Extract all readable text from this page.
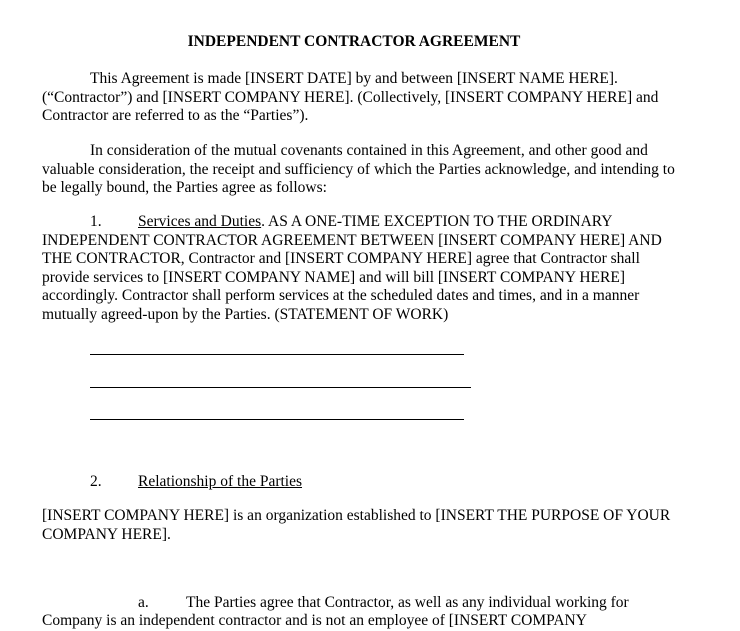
INDEPENDENT CONTRACTOR AGREEMENT

This Agreement is made [INSERT DATE] by and between [INSERT NAME HERE]. (“Contractor”) and [INSERT COMPANY HERE]. (Collectively, [INSERT COMPANY HERE] and Contractor are referred to as the “Parties”).

In consideration of the mutual covenants contained in this Agreement, and other good and valuable consideration, the receipt and sufficiency of which the Parties acknowledge, and intending to be legally bound, the Parties agree as follows:

1. Services and Duties. AS A ONE-TIME EXCEPTION TO THE ORDINARY INDEPENDENT CONTRACTOR AGREEMENT BETWEEN [INSERT COMPANY HERE] AND THE CONTRACTOR, Contractor and [INSERT COMPANY HERE] agree that Contractor shall provide services to [INSERT COMPANY NAME] and will bill [INSERT COMPANY HERE] accordingly. Contractor shall perform services at the scheduled dates and times, and in a manner mutually agreed-upon by the Parties. (STATEMENT OF WORK)

2. Relationship of the Parties

[INSERT COMPANY HERE] is an organization established to [INSERT THE PURPOSE OF YOUR COMPANY HERE].

a. The Parties agree that Contractor, as well as any individual working for
Company is an independent contractor and is not an employee of [INSERT COMPANY
